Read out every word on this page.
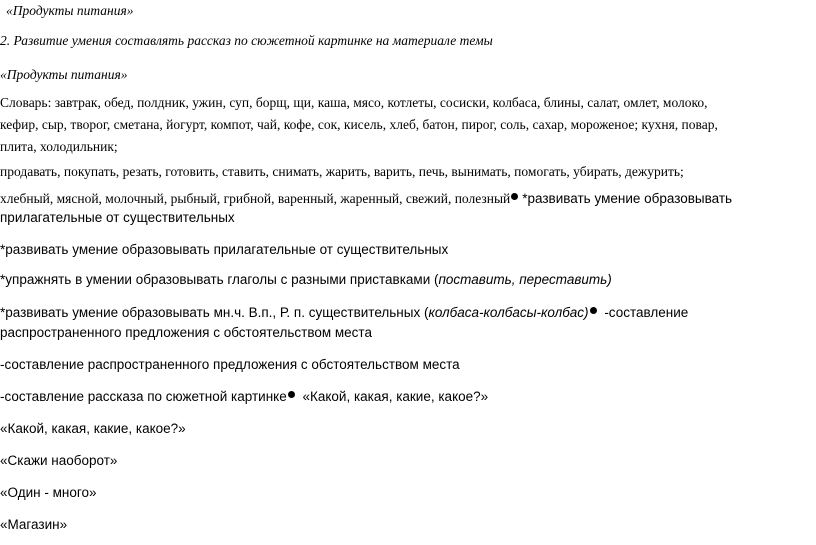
«Продукты питания»
2. Развитие умения составлять рассказ по сюжетной картинке на материале темы
«Продукты питания»
Словарь: завтрак, обед, полдник, ужин, суп, борщ, щи, каша, мясо, котлеты, сосиски, колбаса, блины, салат, омлет, молоко,
кефир, сыр, творог, сметана, йогурт, компот, чай, кофе, сок, кисель, хлеб, батон, пирог, соль, сахар, мороженое; кухня, повар,
плита, холодильник;
продавать, покупать, резать, готовить, ставить, снимать, жарить, варить, печь, вынимать, помогать, убирать, дежурить;
хлебный, мясной, молочный, рыбный, грибной, варенный, жаренный, свежий, полезный *развивать умение образовывать
прилагательные от существительных
*развивать умение образовывать прилагательные от существительных
*упражнять в умении образовывать глаголы с разными приставками (поставить, переставить)
*развивать умение образовывать мн.ч. В.п., Р. п. существительных (колбаса-колбасы-колбас) -составление
распространенного предложения с обстоятельством места
-составление распространенного предложения с обстоятельством места
-составление рассказа по сюжетной картинке «Какой, какая, какие, какое?»
«Какой, какая, какие, какое?»
«Скажи наоборот»
«Один - много»
«Магазин»
